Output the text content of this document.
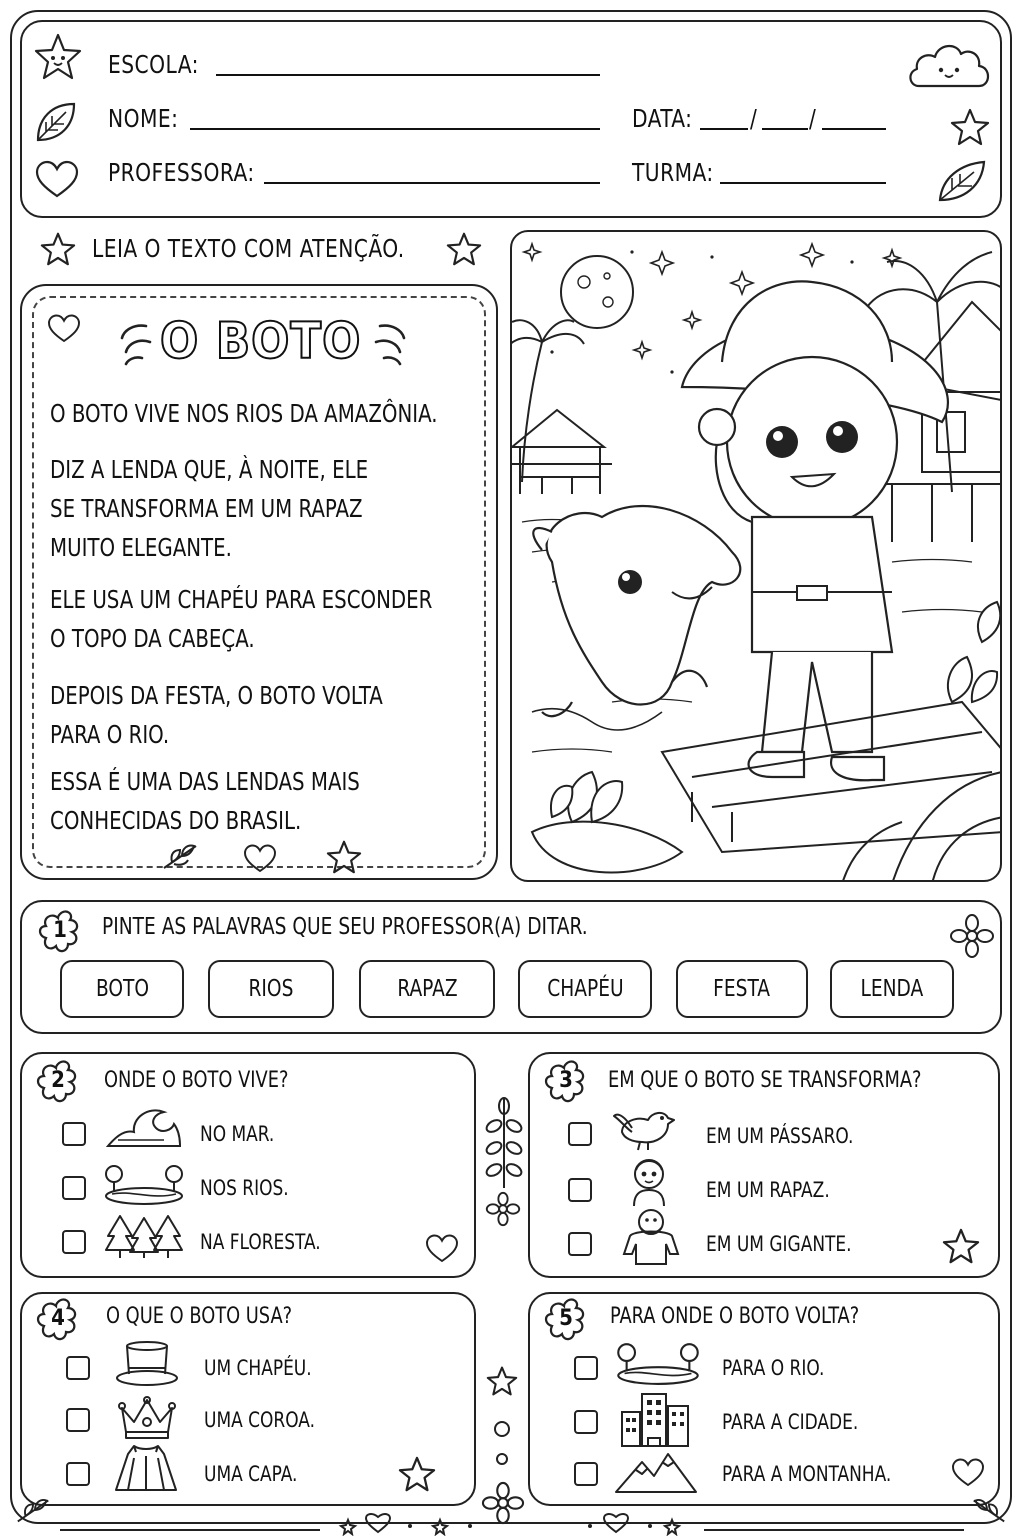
ESCOLA:
NOME:	DATA: / /
PROFESSORA:	TURMA:
LEIA O TEXTO COM ATENÇÃO.
O BOTO
O BOTO VIVE NOS RIOS DA AMAZÔNIA.
DIZ A LENDA QUE, À NOITE, ELE
SE TRANSFORMA EM UM RAPAZ
MUITO ELEGANTE.
ELE USA UM CHAPÉU PARA ESCONDER
O TOPO DA CABEÇA.
DEPOIS DA FESTA, O BOTO VOLTA
PARA O RIO.
ESSA É UMA DAS LENDAS MAIS
CONHECIDAS DO BRASIL.
1	PINTE AS PALAVRAS QUE SEU PROFESSOR(A) DITAR.
BOTO	RIOS	RAPAZ	CHAPÉU	FESTA	LENDA
2	ONDE O BOTO VIVE?
NO MAR.
NOS RIOS.
NA FLORESTA.
3	EM QUE O BOTO SE TRANSFORMA?
EM UM PÁSSARO.
EM UM RAPAZ.
EM UM GIGANTE.
4	O QUE O BOTO USA?
UM CHAPÉU.
UMA COROA.
UMA CAPA.
5	PARA ONDE O BOTO VOLTA?
PARA O RIO.
PARA A CIDADE.
PARA A MONTANHA.
